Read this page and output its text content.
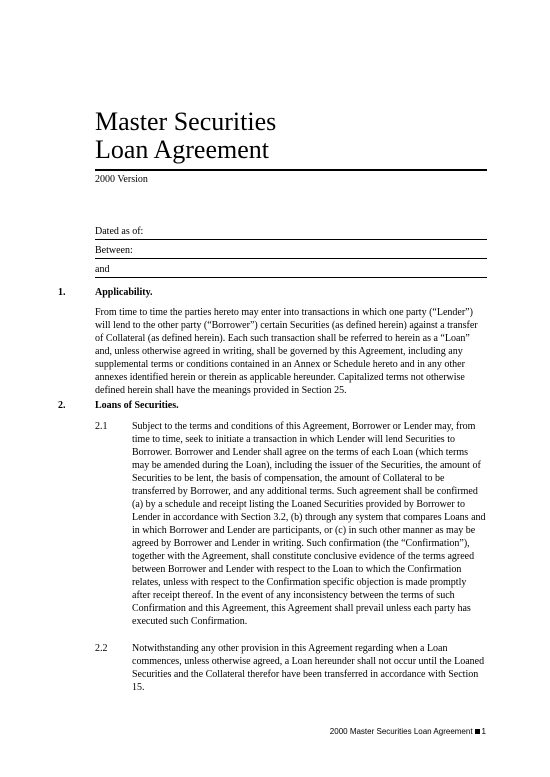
Master Securities
Loan Agreement
2000 Version
Dated as of:
Between:
and
1.	Applicability.

From time to time the parties hereto may enter into transactions in which one party (“Lender”) will lend to the other party (“Borrower”) certain Securities (as defined herein) against a transfer of Collateral (as defined herein). Each such transaction shall be referred to herein as a “Loan” and, unless otherwise agreed in writing, shall be governed by this Agreement, including any supplemental terms or conditions contained in an Annex or Schedule hereto and in any other annexes identified herein or therein as applicable hereunder. Capitalized terms not otherwise defined herein shall have the meanings provided in Section 25.

2.	Loans of Securities.
2.1 Subject to the terms and conditions of this Agreement, Borrower or Lender may, from time to time, seek to initiate a transaction in which Lender will lend Securities to Borrower. Borrower and Lender shall agree on the terms of each Loan (which terms may be amended during the Loan), including the issuer of the Securities, the amount of Securities to be lent, the basis of compensation, the amount of Collateral to be transferred by Borrower, and any additional terms. Such agreement shall be confirmed (a) by a schedule and receipt listing the Loaned Securities provided by Borrower to Lender in accordance with Section 3.2, (b) through any system that compares Loans and in which Borrower and Lender are participants, or (c) in such other manner as may be agreed by Borrower and Lender in writing. Such confirmation (the “Confirmation”), together with the Agreement, shall constitute conclusive evidence of the terms agreed between Borrower and Lender with respect to the Loan to which the Confirmation relates, unless with respect to the Confirmation specific objection is made promptly after receipt thereof. In the event of any inconsistency between the terms of such Confirmation and this Agreement, this Agreement shall prevail unless each party has executed such Confirmation.
2.2 Notwithstanding any other provision in this Agreement regarding when a Loan commences, unless otherwise agreed, a Loan hereunder shall not occur until the Loaned Securities and the Collateral therefor have been transferred in accordance with Section 15.
2000 Master Securities Loan Agreement 1
